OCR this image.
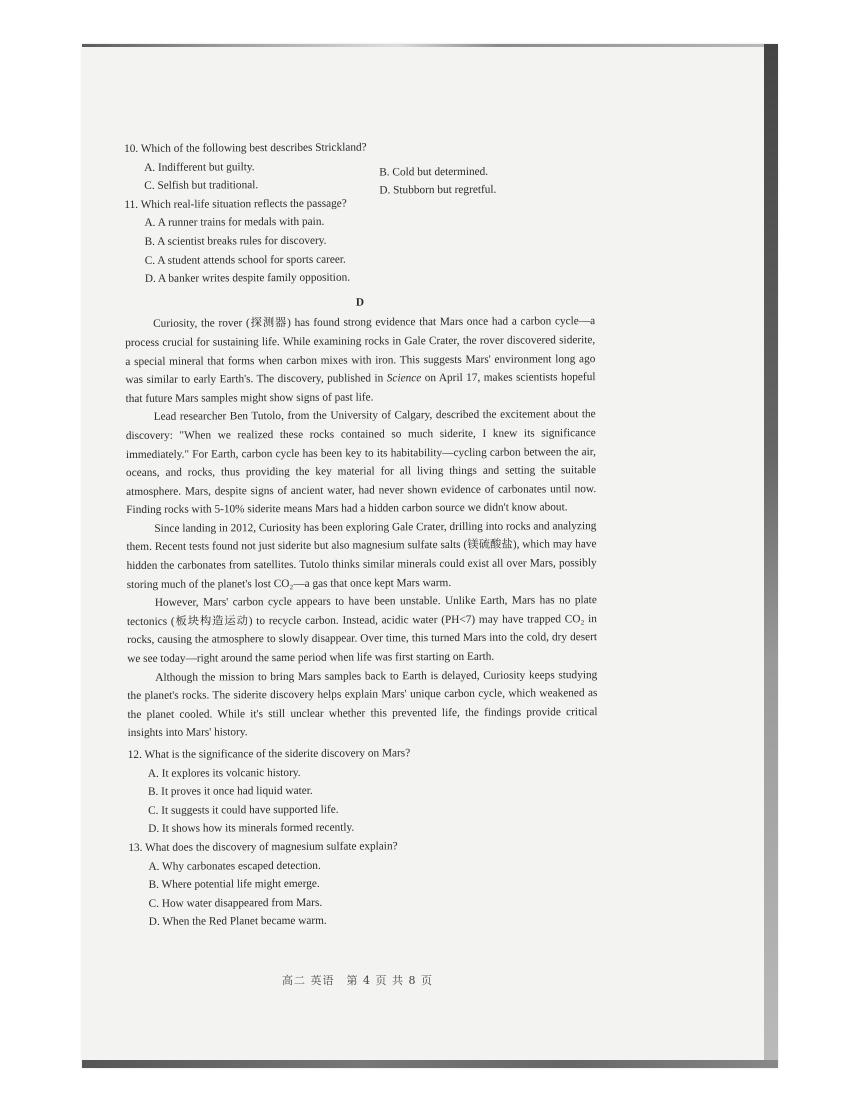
10. Which of the following best describes Strickland?

A. Indifferent but guilty.	B. Cold but determined.
C. Selfish but traditional.	D. Stubborn but regretful.

11. Which real-life situation reflects the passage?

A. A runner trains for medals with pain.
B. A scientist breaks rules for discovery.
C. A student attends school for sports career.
D. A banker writes despite family opposition.
D

Curiosity, the rover (探测器) has found strong evidence that Mars once had a carbon cycle—a process crucial for sustaining life. While examining rocks in Gale Crater, the rover discovered siderite, a special mineral that forms when carbon mixes with iron. This suggests Mars' environment long ago was similar to early Earth's. The discovery, published in Science on April 17, makes scientists hopeful that future Mars samples might show signs of past life.

Lead researcher Ben Tutolo, from the University of Calgary, described the excitement about the discovery: "When we realized these rocks contained so much siderite, I knew its significance immediately." For Earth, carbon cycle has been key to its habitability—cycling carbon between the air, oceans, and rocks, thus providing the key material for all living things and setting the suitable atmosphere. Mars, despite signs of ancient water, had never shown evidence of carbonates until now. Finding rocks with 5-10% siderite means Mars had a hidden carbon source we didn't know about.

Since landing in 2012, Curiosity has been exploring Gale Crater, drilling into rocks and analyzing them. Recent tests found not just siderite but also magnesium sulfate salts (镁硫酸盐), which may have hidden the carbonates from satellites. Tutolo thinks similar minerals could exist all over Mars, possibly storing much of the planet's lost CO₂—a gas that once kept Mars warm.

However, Mars' carbon cycle appears to have been unstable. Unlike Earth, Mars has no plate tectonics (板块构造运动) to recycle carbon. Instead, acidic water (PH<7) may have trapped CO₂ in rocks, causing the atmosphere to slowly disappear. Over time, this turned Mars into the cold, dry desert we see today—right around the same period when life was first starting on Earth.

Although the mission to bring Mars samples back to Earth is delayed, Curiosity keeps studying the planet's rocks. The siderite discovery helps explain Mars' unique carbon cycle, which weakened as the planet cooled. While it's still unclear whether this prevented life, the findings provide critical insights into Mars' history.

12. What is the significance of the siderite discovery on Mars?

A. It explores its volcanic history.
B. It proves it once had liquid water.
C. It suggests it could have supported life.
D. It shows how its minerals formed recently.

13. What does the discovery of magnesium sulfate explain?

A. Why carbonates escaped detection.
B. Where potential life might emerge.
C. How water disappeared from Mars.
D. When the Red Planet became warm.
高二 英语　第 4 页 共 8 页
